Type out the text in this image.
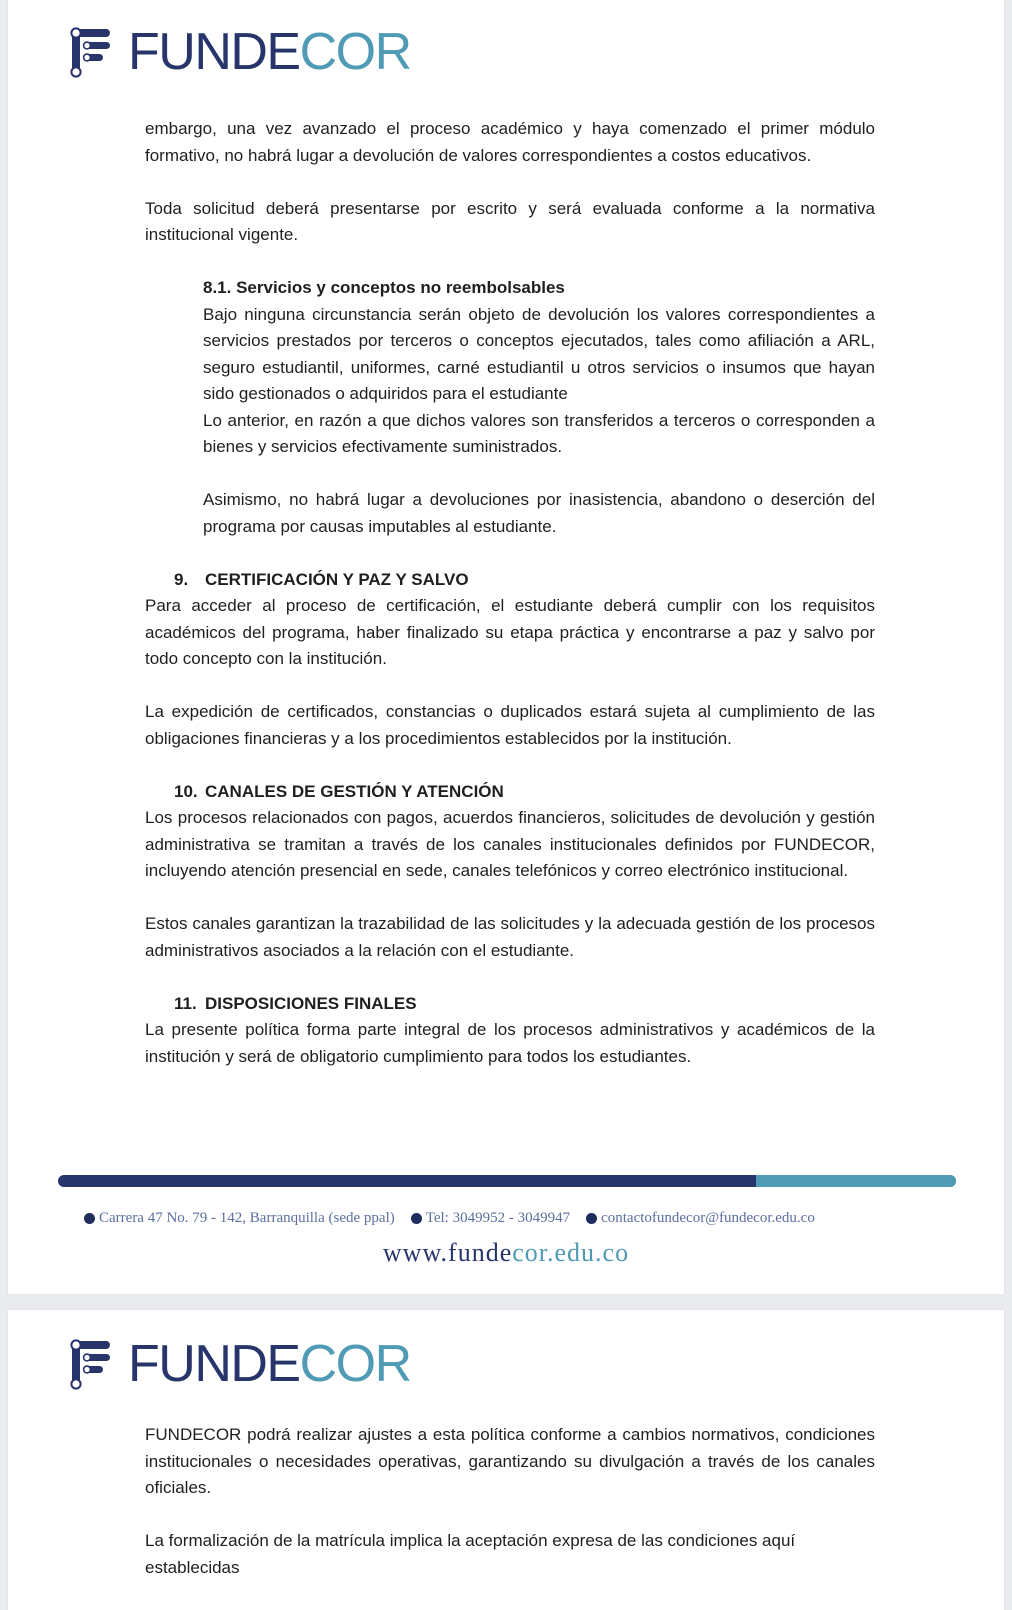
FUNDECOR

embargo, una vez avanzado el proceso académico y haya comenzado el primer módulo formativo, no habrá lugar a devolución de valores correspondientes a costos educativos.

Toda solicitud deberá presentarse por escrito y será evaluada conforme a la normativa institucional vigente.

8.1. Servicios y conceptos no reembolsables

Bajo ninguna circunstancia serán objeto de devolución los valores correspondientes a servicios prestados por terceros o conceptos ejecutados, tales como afiliación a ARL, seguro estudiantil, uniformes, carné estudiantil u otros servicios o insumos que hayan sido gestionados o adquiridos para el estudiante

Lo anterior, en razón a que dichos valores son transferidos a terceros o corresponden a bienes y servicios efectivamente suministrados.

Asimismo, no habrá lugar a devoluciones por inasistencia, abandono o deserción del programa por causas imputables al estudiante.

9. CERTIFICACIÓN Y PAZ Y SALVO

Para acceder al proceso de certificación, el estudiante deberá cumplir con los requisitos académicos del programa, haber finalizado su etapa práctica y encontrarse a paz y salvo por todo concepto con la institución.

La expedición de certificados, constancias o duplicados estará sujeta al cumplimiento de las obligaciones financieras y a los procedimientos establecidos por la institución.

10. CANALES DE GESTIÓN Y ATENCIÓN

Los procesos relacionados con pagos, acuerdos financieros, solicitudes de devolución y gestión administrativa se tramitan a través de los canales institucionales definidos por FUNDECOR, incluyendo atención presencial en sede, canales telefónicos y correo electrónico institucional.

Estos canales garantizan la trazabilidad de las solicitudes y la adecuada gestión de los procesos administrativos asociados a la relación con el estudiante.

11. DISPOSICIONES FINALES

La presente política forma parte integral de los procesos administrativos y académicos de la institución y será de obligatorio cumplimiento para todos los estudiantes.

Carrera 47 No. 79 - 142, Barranquilla (sede ppal) Tel: 3049952 - 3049947 contactofundecor@fundecor.edu.co
www.fundecor.edu.co
FUNDECOR

FUNDECOR podrá realizar ajustes a esta política conforme a cambios normativos, condiciones institucionales o necesidades operativas, garantizando su divulgación a través de los canales oficiales.

La formalización de la matrícula implica la aceptación expresa de las condiciones aquí establecidas
